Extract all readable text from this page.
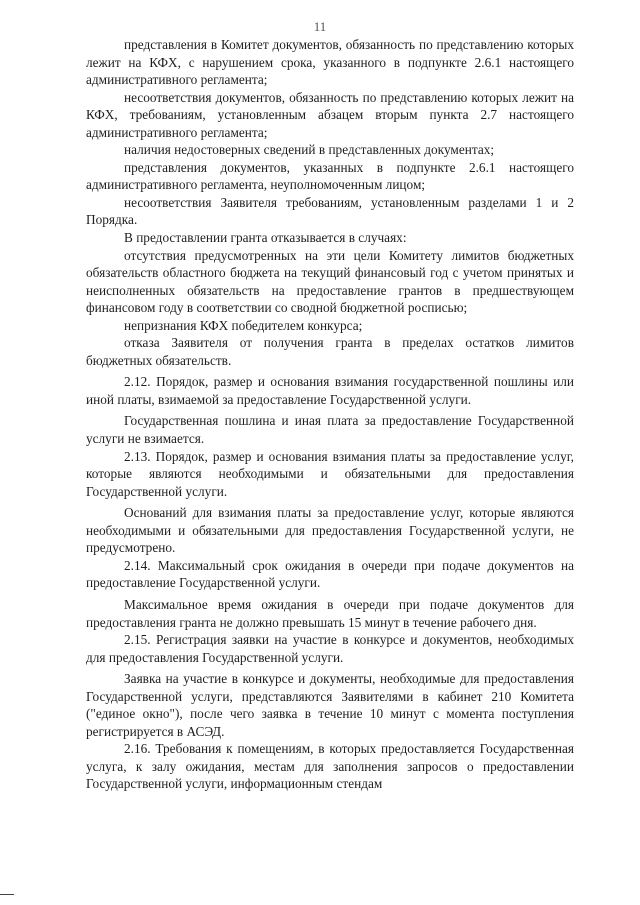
11

представления в Комитет документов, обязанность по представлению которых лежит на КФХ, с нарушением срока, указанного в подпункте 2.6.1 настоящего административного регламента;

несоответствия документов, обязанность по представлению которых лежит на КФХ, требованиям, установленным абзацем вторым пункта 2.7 настоящего административного регламента;

наличия недостоверных сведений в представленных документах;

представления документов, указанных в подпункте 2.6.1 настоящего административного регламента, неуполномоченным лицом;

несоответствия Заявителя требованиям, установленным разделами 1 и 2 Порядка.

В предоставлении гранта отказывается в случаях:

отсутствия предусмотренных на эти цели Комитету лимитов бюджетных обязательств областного бюджета на текущий финансовый год с учетом принятых и неисполненных обязательств на предоставление грантов в предшествующем финансовом году в соответствии со сводной бюджетной росписью;

непризнания КФХ победителем конкурса;

отказа Заявителя от получения гранта в пределах остатков лимитов бюджетных обязательств.

2.12. Порядок, размер и основания взимания государственной пошлины или иной платы, взимаемой за предоставление Государственной услуги.

Государственная пошлина и иная плата за предоставление Государственной услуги не взимается.

2.13. Порядок, размер и основания взимания платы за предоставление услуг, которые являются необходимыми и обязательными для предоставления Государственной услуги.

Оснований для взимания платы за предоставление услуг, которые являются необходимыми и обязательными для предоставления Государственной услуги, не предусмотрено.

2.14. Максимальный срок ожидания в очереди при подаче документов на предоставление Государственной услуги.

Максимальное время ожидания в очереди при подаче документов для предоставления гранта не должно превышать 15 минут в течение рабочего дня.

2.15. Регистрация заявки на участие в конкурсе и документов, необходимых для предоставления Государственной услуги.

Заявка на участие в конкурсе и документы, необходимые для предоставления Государственной услуги, представляются Заявителями в кабинет 210 Комитета ("единое окно"), после чего заявка в течение 10 минут с момента поступления регистрируется в АСЭД.

2.16. Требования к помещениям, в которых предоставляется Государственная услуга, к залу ожидания, местам для заполнения запросов о предоставлении Государственной услуги, информационным стендам
